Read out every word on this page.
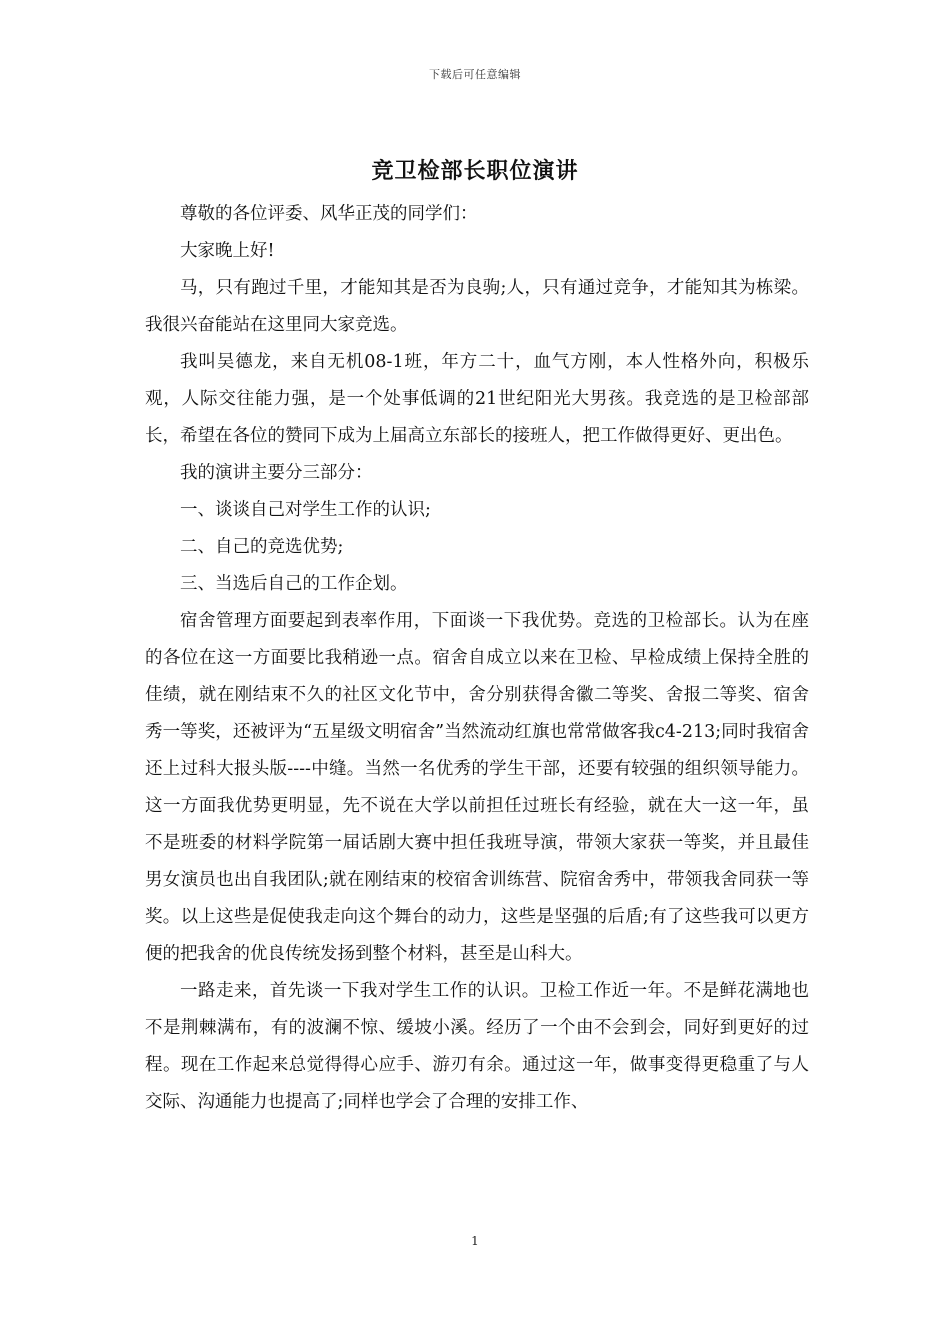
下载后可任意编辑
竞卫检部长职位演讲

尊敬的各位评委、风华正茂的同学们：

大家晚上好!

马，只有跑过千里，才能知其是否为良驹;人，只有通过竞争，才能知其为栋梁。我很兴奋能站在这里同大家竞选。

我叫吴德龙，来自无机08-1班，年方二十，血气方刚，本人性格外向，积极乐观，人际交往能力强，是一个处事低调的21世纪阳光大男孩。我竞选的是卫检部部长，希望在各位的赞同下成为上届高立东部长的接班人，把工作做得更好、更出色。

我的演讲主要分三部分：

一、谈谈自己对学生工作的认识;

二、自己的竞选优势;

三、当选后自己的工作企划。

宿舍管理方面要起到表率作用，下面谈一下我优势。竞选的卫检部长。认为在座的各位在这一方面要比我稍逊一点。宿舍自成立以来在卫检、早检成绩上保持全胜的佳绩，就在刚结束不久的社区文化节中，舍分别获得舍徽二等奖、舍报二等奖、宿舍秀一等奖，还被评为“五星级文明宿舍”当然流动红旗也常常做客我c4-213;同时我宿舍还上过科大报头版----中缝。当然一名优秀的学生干部，还要有较强的组织领导能力。这一方面我优势更明显，先不说在大学以前担任过班长有经验，就在大一这一年，虽不是班委的材料学院第一届话剧大赛中担任我班导演，带领大家获一等奖，并且最佳男女演员也出自我团队;就在刚结束的校宿舍训练营、院宿舍秀中，带领我舍同获一等奖。以上这些是促使我走向这个舞台的动力，这些是坚强的后盾;有了这些我可以更方便的把我舍的优良传统发扬到整个材料，甚至是山科大。

一路走来，首先谈一下我对学生工作的认识。卫检工作近一年。不是鲜花满地也不是荆棘满布，有的波澜不惊、缓坡小溪。经历了一个由不会到会，同好到更好的过程。现在工作起来总觉得得心应手、游刃有余。通过这一年，做事变得更稳重了与人交际、沟通能力也提高了;同样也学会了合理的安排工作、

1
